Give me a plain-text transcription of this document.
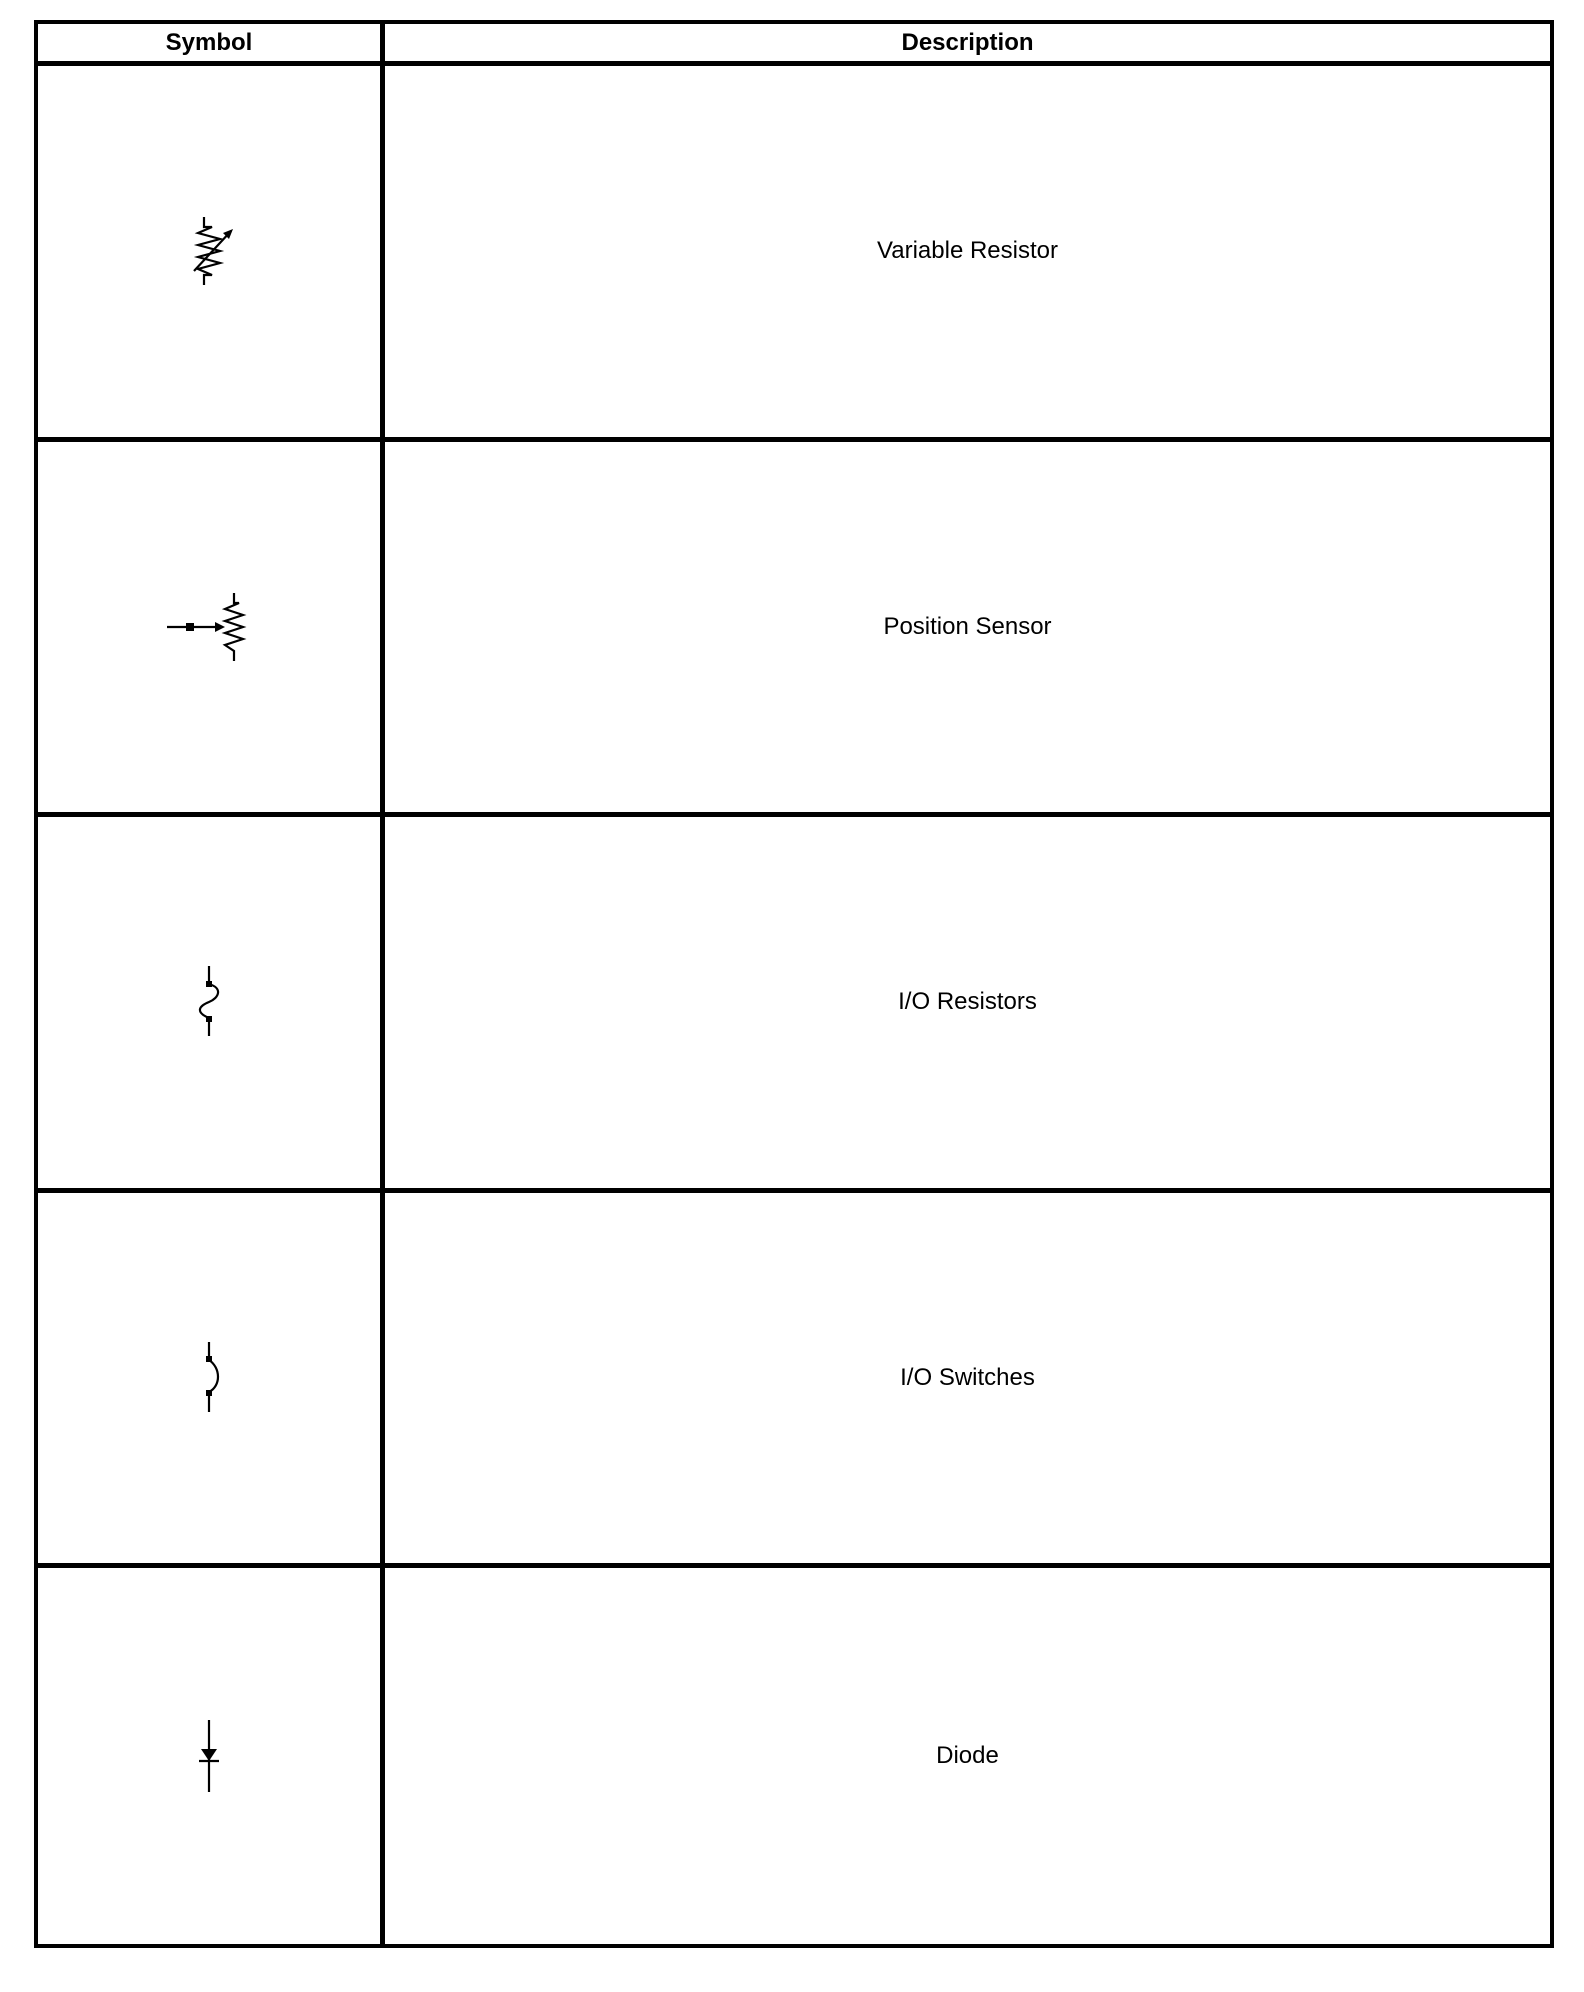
Symbol	Description
Variable Resistor
Position Sensor
I/O Resistors
I/O Switches
Diode
